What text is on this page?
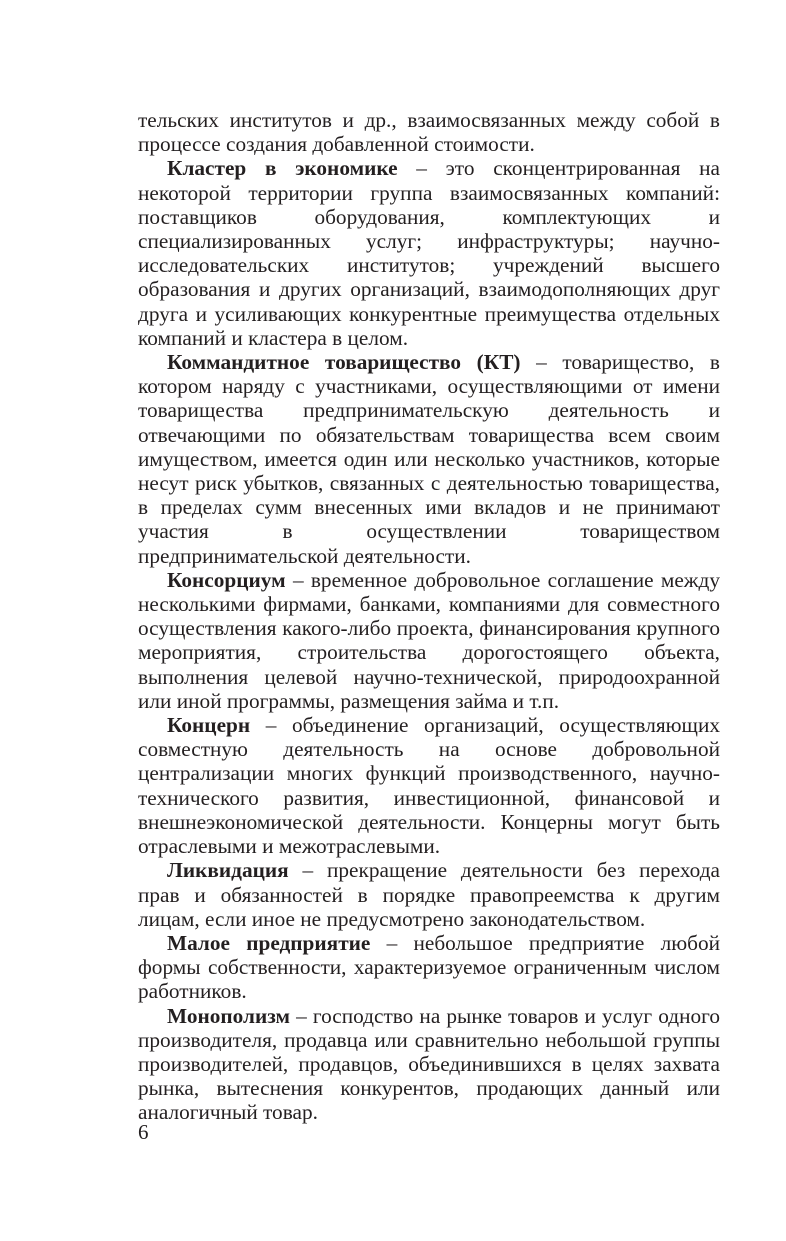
тельских институтов и др., взаимосвязанных между собой в процессе создания добавленной стоимости.

Кластер в экономике – это сконцентрированная на некоторой территории группа взаимосвязанных компаний: поставщиков оборудования, комплектующих и специализированных услуг; инфраструктуры; научно-исследовательских институтов; учреждений высшего образования и других организаций, взаимодополняющих друг друга и усиливающих конкурентные преимущества отдельных компаний и кластера в целом.

Коммандитное товарищество (КТ) – товарищество, в котором наряду с участниками, осуществляющими от имени товарищества предпринимательскую деятельность и отвечающими по обязательствам товарищества всем своим имуществом, имеется один или несколько участников, которые несут риск убытков, связанных с деятельностью товарищества, в пределах сумм внесенных ими вкладов и не принимают участия в осуществлении товариществом предпринимательской деятельности.

Консорциум – временное добровольное соглашение между несколькими фирмами, банками, компаниями для совместного осуществления какого-либо проекта, финансирования крупного мероприятия, строительства дорогостоящего объекта, выполнения целевой научно-технической, природоохранной или иной программы, размещения займа и т.п.

Концерн – объединение организаций, осуществляющих совместную деятельность на основе добровольной централизации многих функций производственного, научно-технического развития, инвестиционной, финансовой и внешнеэкономической деятельности. Концерны могут быть отраслевыми и межотраслевыми.

Ликвидация – прекращение деятельности без перехода прав и обязанностей в порядке правопреемства к другим лицам, если иное не предусмотрено законодательством.

Малое предприятие – небольшое предприятие любой формы собственности, характеризуемое ограниченным числом работников.

Монополизм – господство на рынке товаров и услуг одного производителя, продавца или сравнительно небольшой группы производителей, продавцов, объединившихся в целях захвата рынка, вытеснения конкурентов, продающих данный или аналогичный товар.

6
